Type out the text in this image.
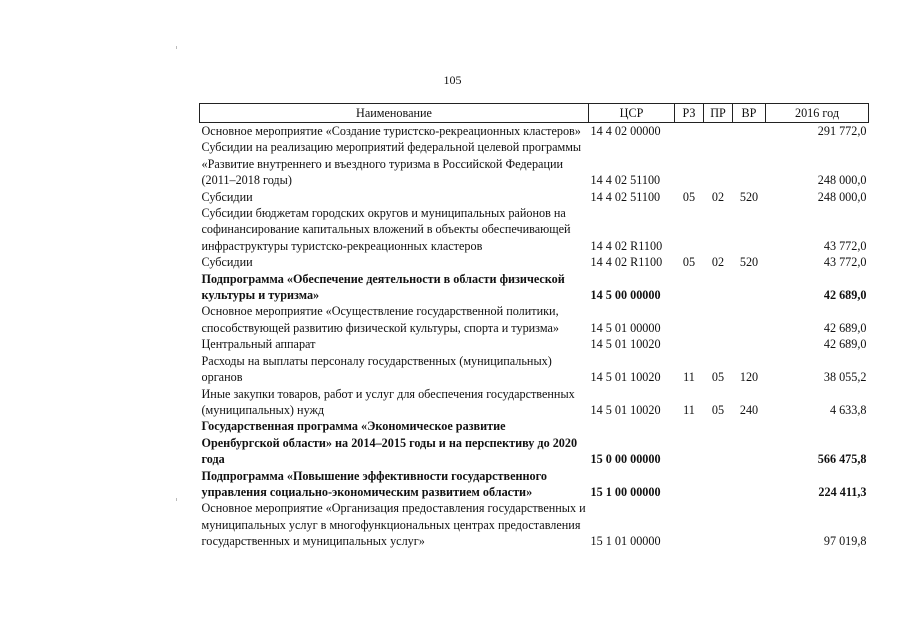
105
Наименование	ЦСР	РЗ	ПР	ВР	2016 год
Основное мероприятие «Создание туристско-рекреационных кластеров»	14 4 02 00000				291 772,0
Субсидии на реализацию мероприятий федеральной целевой программы «Развитие внутреннего и въездного туризма в Российской Федерации (2011–2018 годы)	14 4 02 51100				248 000,0
Субсидии	14 4 02 51100	05	02	520	248 000,0
Субсидии бюджетам городских округов и муниципальных районов на софинансирование капитальных вложений в объекты обеспечивающей инфраструктуры туристско-рекреационных кластеров	14 4 02 R1100				43 772,0
Субсидии	14 4 02 R1100	05	02	520	43 772,0
Подпрограмма «Обеспечение деятельности в области физической культуры и туризма»	14 5 00 00000				42 689,0
Основное мероприятие «Осуществление государственной политики, способствующей развитию физической культуры, спорта и туризма»	14 5 01 00000				42 689,0
Центральный аппарат	14 5 01 10020				42 689,0
Расходы на выплаты персоналу государственных (муниципальных) органов	14 5 01 10020	11	05	120	38 055,2
Иные закупки товаров, работ и услуг для обеспечения государственных (муниципальных) нужд	14 5 01 10020	11	05	240	4 633,8
Государственная программа «Экономическое развитие Оренбургской области» на 2014–2015 годы и на перспективу до 2020 года	15 0 00 00000				566 475,8
Подпрограмма «Повышение эффективности государственного управления социально-экономическим развитием области»	15 1 00 00000				224 411,3
Основное мероприятие «Организация предоставления государственных и муниципальных услуг в многофункциональных центрах предоставления государственных и муниципальных услуг»	15 1 01 00000				97 019,8
